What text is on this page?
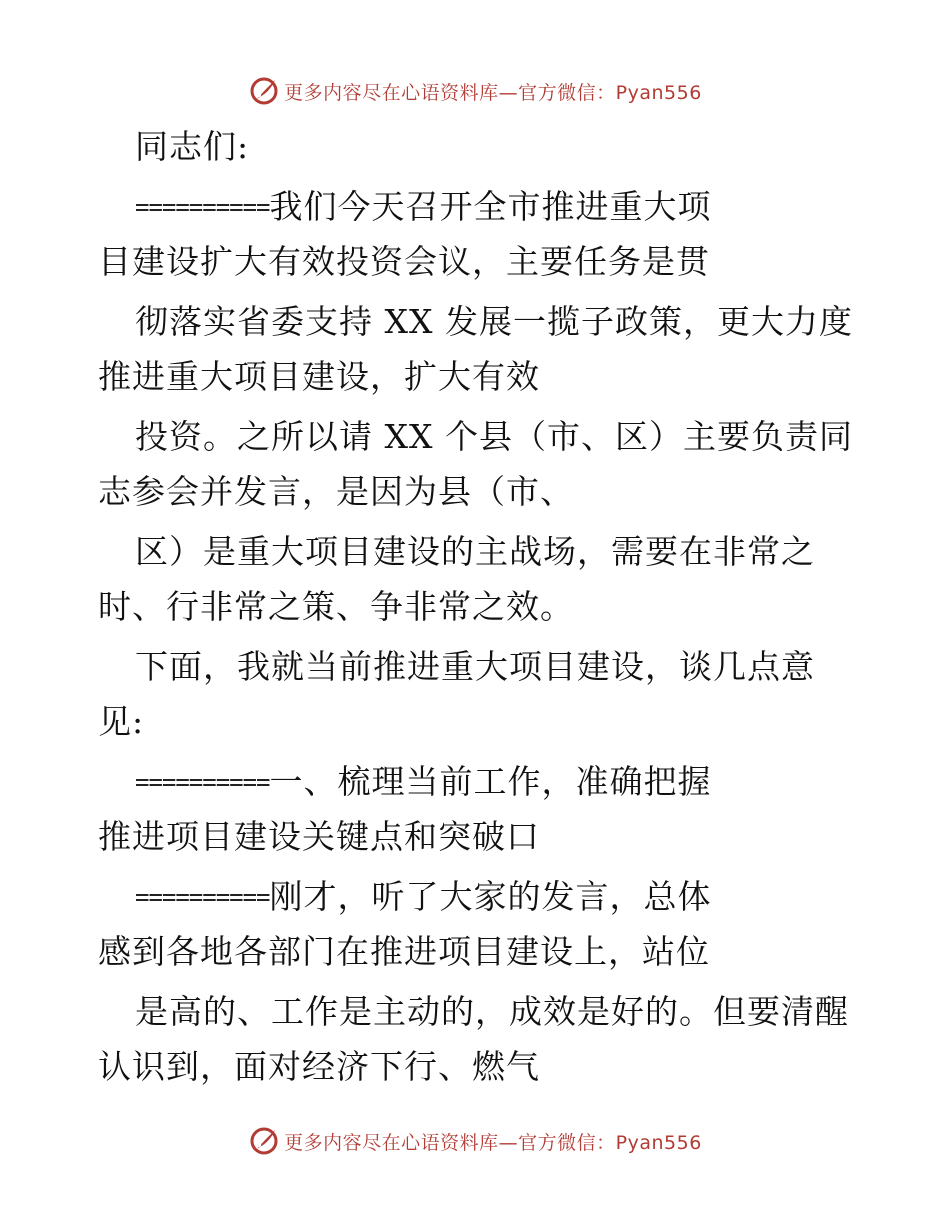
更多内容尽在心语资料库—官方微信：Pyan556
同志们:
==========我们今天召开全市推进重大项
目建设扩大有效投资会议，主要任务是贯
彻落实省委支持 XX 发展一揽子政策，更大力度
推进重大项目建设，扩大有效
投资。之所以请 XX 个县（市、区）主要负责同
志参会并发言，是因为县（市、
区）是重大项目建设的主战场，需要在非常之
时、行非常之策、争非常之效。
下面，我就当前推进重大项目建设，谈几点意
见:
==========一、梳理当前工作，准确把握
推进项目建设关键点和突破口
==========刚才，听了大家的发言，总体
感到各地各部门在推进项目建设上，站位
是高的、工作是主动的，成效是好的。但要清醒
认识到，面对经济下行、燃气
更多内容尽在心语资料库—官方微信：Pyan556
